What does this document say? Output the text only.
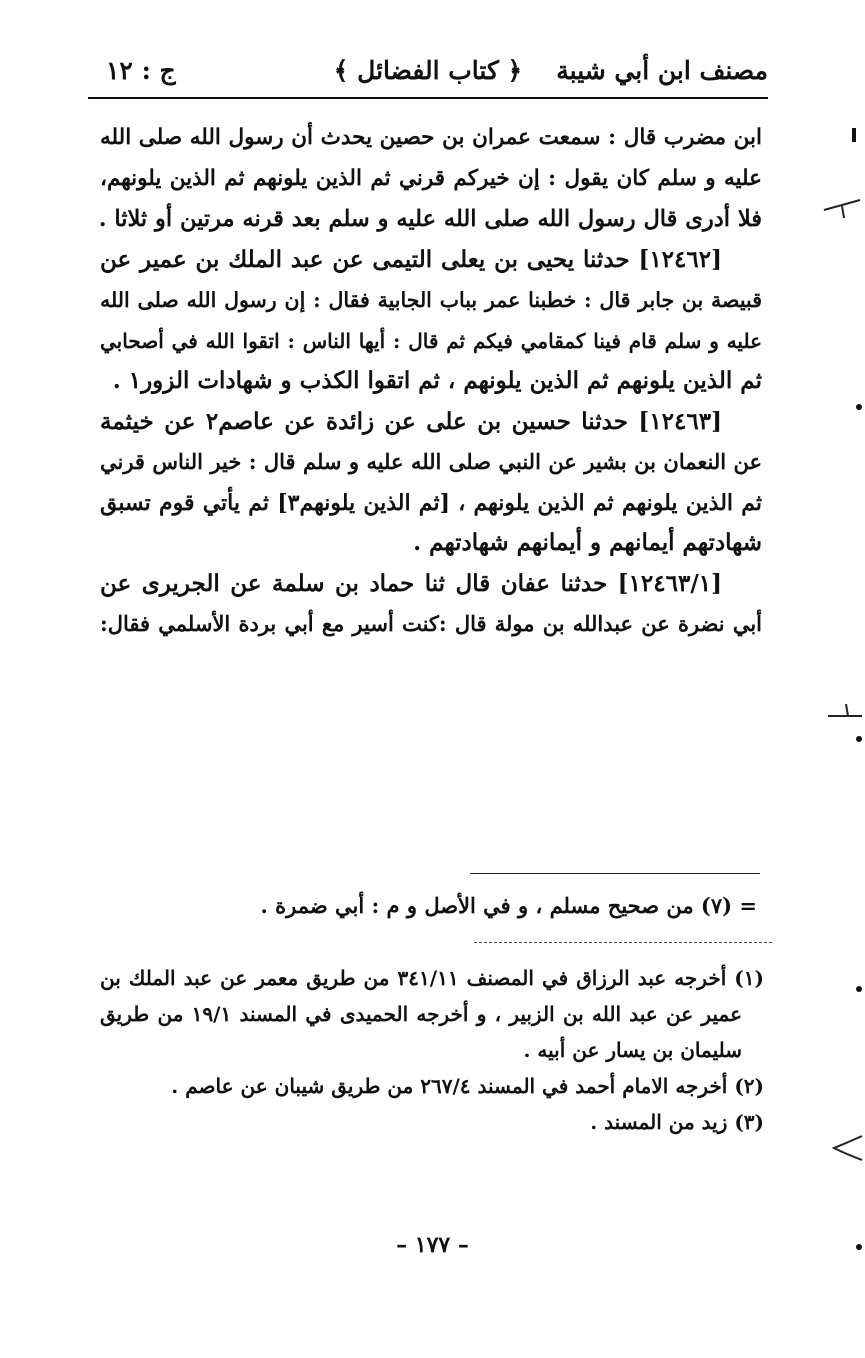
مصنف ابن أبي شيبة
﴿ كتاب الفضائل ﴾
ج : ١٢
ابن مضرب قال : سمعت عمران بن حصين يحدث أن رسول الله صلى الله
عليه و سلم كان يقول : إن خيركم قرني ثم الذين يلونهم ثم الذين يلونهم،
فلا أدرى قال رسول الله صلى الله عليه و سلم بعد قرنه مرتين أو ثلاثا .
[١٢٤٦٢] حدثنا يحيى بن يعلى التيمى عن عبد الملك بن عمير عن
قبيصة بن جابر قال : خطبنا عمر بباب الجابية فقال : إن رسول الله صلى الله
عليه و سلم قام فينا كمقامي فيكم ثم قال : أيها الناس : اتقوا الله في أصحابي
ثم الذين يلونهم ثم الذين يلونهم ، ثم اتقوا الكذب و شهادات الزور١ .
[١٢٤٦٣] حدثنا حسين بن على عن زائدة عن عاصم٢ عن خيثمة
عن النعمان بن بشير عن النبي صلى الله عليه و سلم قال : خير الناس قرني
ثم الذين يلونهم ثم الذين يلونهم ، [ثم الذين يلونهم٣] ثم يأتي قوم تسبق
شهادتهم أيمانهم و أيمانهم شهادتهم .
[١٢٤٦٣/١] حدثنا عفان قال ثنا حماد بن سلمة عن الجريرى عن
أبي نضرة عن عبدالله بن مولة قال :كنت أسير مع أبي بردة الأسلمي فقال:
= (٧) من صحيح مسلم ، و في الأصل و م : أبي ضمرة .
(١) أخرجه عبد الرزاق في المصنف ٣٤١/١١ من طريق معمر عن عبد الملك بن
عمير عن عبد الله بن الزبير ، و أخرجه الحميدى في المسند ١٩/١ من طريق
سليمان بن يسار عن أبيه .
(٢) أخرجه الامام أحمد في المسند ٢٦٧/٤ من طريق شيبان عن عاصم .
(٣) زيد من المسند .
– ١٧٧ –
